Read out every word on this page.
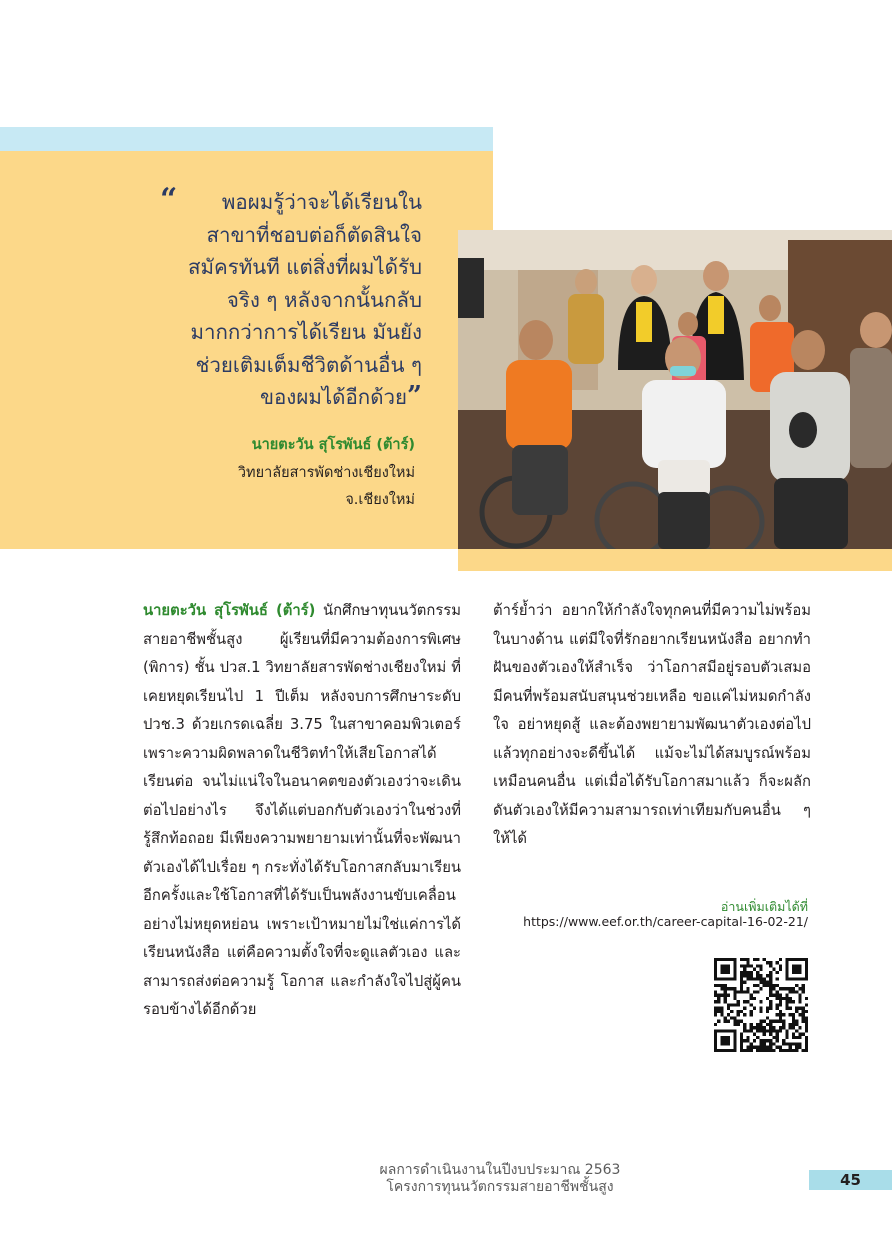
“	พอผมรู้ว่าจะได้เรียนใน
สาขาที่ชอบต่อก็ตัดสินใจ
สมัครทันที แต่สิ่งที่ผมได้รับ
จริง ๆ หลังจากนั้นกลับ
มากกว่าการได้เรียน มันยัง
ช่วยเติมเต็มชีวิตด้านอื่น ๆ
ของผมได้อีกด้วย”
นายตะวัน สุโรพันธ์ (ต้าร์)
วิทยาลัยสารพัดช่างเชียงใหม่
จ.เชียงใหม่
นายตะวัน สุโรพันธ์ (ต้าร์) นักศึกษาทุนนวัตกรรมสายอาชีพชั้นสูง ผู้เรียนที่มีความต้องการพิเศษ (พิการ) ชั้น ปวส.1 วิทยาลัยสารพัดช่างเชียงใหม่ ที่เคยหยุดเรียนไป 1 ปีเต็ม หลังจบการศึกษาระดับ ปวช.3 ด้วยเกรดเฉลี่ย 3.75 ในสาขาคอมพิวเตอร์ เพราะความผิดพลาดในชีวิตทำให้เสียโอกาสได้เรียนต่อ จนไม่แน่ใจในอนาคตของตัวเองว่าจะเดินต่อไปอย่างไร จึงได้แต่บอกกับตัวเองว่าในช่วงที่รู้สึกท้อถอย มีเพียงความพยายามเท่านั้นที่จะพัฒนาตัวเองได้ไปเรื่อย ๆ กระทั่งได้รับโอกาสกลับมาเรียนอีกครั้งและใช้โอกาสที่ได้รับเป็นพลังงานขับเคลื่อนอย่างไม่หยุดหย่อน เพราะเป้าหมายไม่ใช่แค่การได้เรียนหนังสือ แต่คือความตั้งใจที่จะดูแลตัวเอง และสามารถส่งต่อความรู้ โอกาส และกำลังใจไปสู่ผู้คนรอบข้างได้อีกด้วย
ต้าร์ย้ำว่า อยากให้กำลังใจทุกคนที่มีความไม่พร้อมในบางด้าน แต่มีใจที่รักอยากเรียนหนังสือ อยากทำฝันของตัวเองให้สำเร็จ ว่าโอกาสมีอยู่รอบตัวเสมอ มีคนที่พร้อมสนับสนุนช่วยเหลือ ขอแค่ไม่หมดกำลังใจ อย่าหยุดสู้ และต้องพยายามพัฒนาตัวเองต่อไป แล้วทุกอย่างจะดีขึ้นได้ แม้จะไม่ได้สมบูรณ์พร้อมเหมือนคนอื่น แต่เมื่อได้รับโอกาสมาแล้ว ก็จะผลักดันตัวเองให้มีความสามารถเท่าเทียมกับคนอื่น ๆ ให้ได้
อ่านเพิ่มเติมได้ที่
https://www.eef.or.th/career-capital-16-02-21/
ผลการดำเนินงานในปีงบประมาณ 2563
โครงการทุนนวัตกรรมสายอาชีพชั้นสูง	45
